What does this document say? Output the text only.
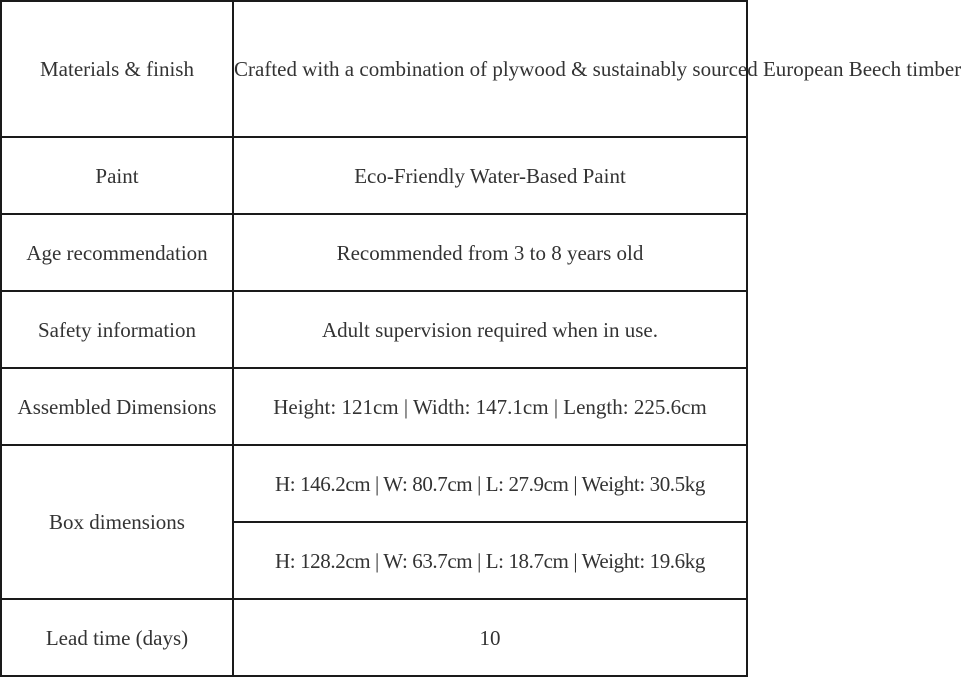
Materials & finish	Crafted with a combination of plywood & sustainably sourced European Beech timber
Paint	Eco-Friendly Water-Based Paint
Age recommendation	Recommended from 3 to 8 years old
Safety information	Adult supervision required when in use.
Assembled Dimensions	Height: 121cm | Width: 147.1cm | Length: 225.6cm
Box dimensions	H: 146.2cm | W: 80.7cm | L: 27.9cm | Weight: 30.5kg
	H: 128.2cm | W: 63.7cm | L: 18.7cm | Weight: 19.6kg
Lead time (days)	10
